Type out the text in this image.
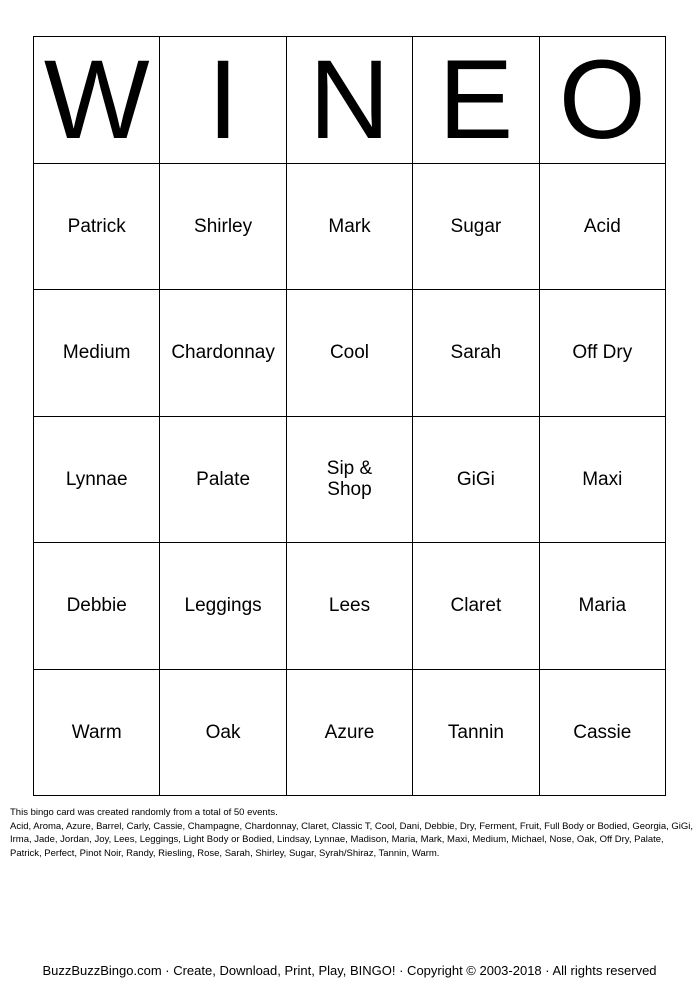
W I N E O
Patrick	Shirley	Mark	Sugar	Acid
Medium	Chardonnay	Cool	Sarah	Off Dry
Lynnae	Palate	Sip & Shop	GiGi	Maxi
Debbie	Leggings	Lees	Claret	Maria
Warm	Oak	Azure	Tannin	Cassie

This bingo card was created randomly from a total of 50 events.

Acid, Aroma, Azure, Barrel, Carly, Cassie, Champagne, Chardonnay, Claret, Classic T, Cool, Dani, Debbie, Dry, Ferment, Fruit, Full Body or Bodied, Georgia, GiGi, Irma, Jade, Jordan, Joy, Lees, Leggings, Light Body or Bodied, Lindsay, Lynnae, Madison, Maria, Mark, Maxi, Medium, Michael, Nose, Oak, Off Dry, Palate, Patrick, Perfect, Pinot Noir, Randy, Riesling, Rose, Sarah, Shirley, Sugar, Syrah/Shiraz, Tannin, Warm.

BuzzBuzzBingo.com · Create, Download, Print, Play, BINGO! · Copyright © 2003-2018 · All rights reserved
